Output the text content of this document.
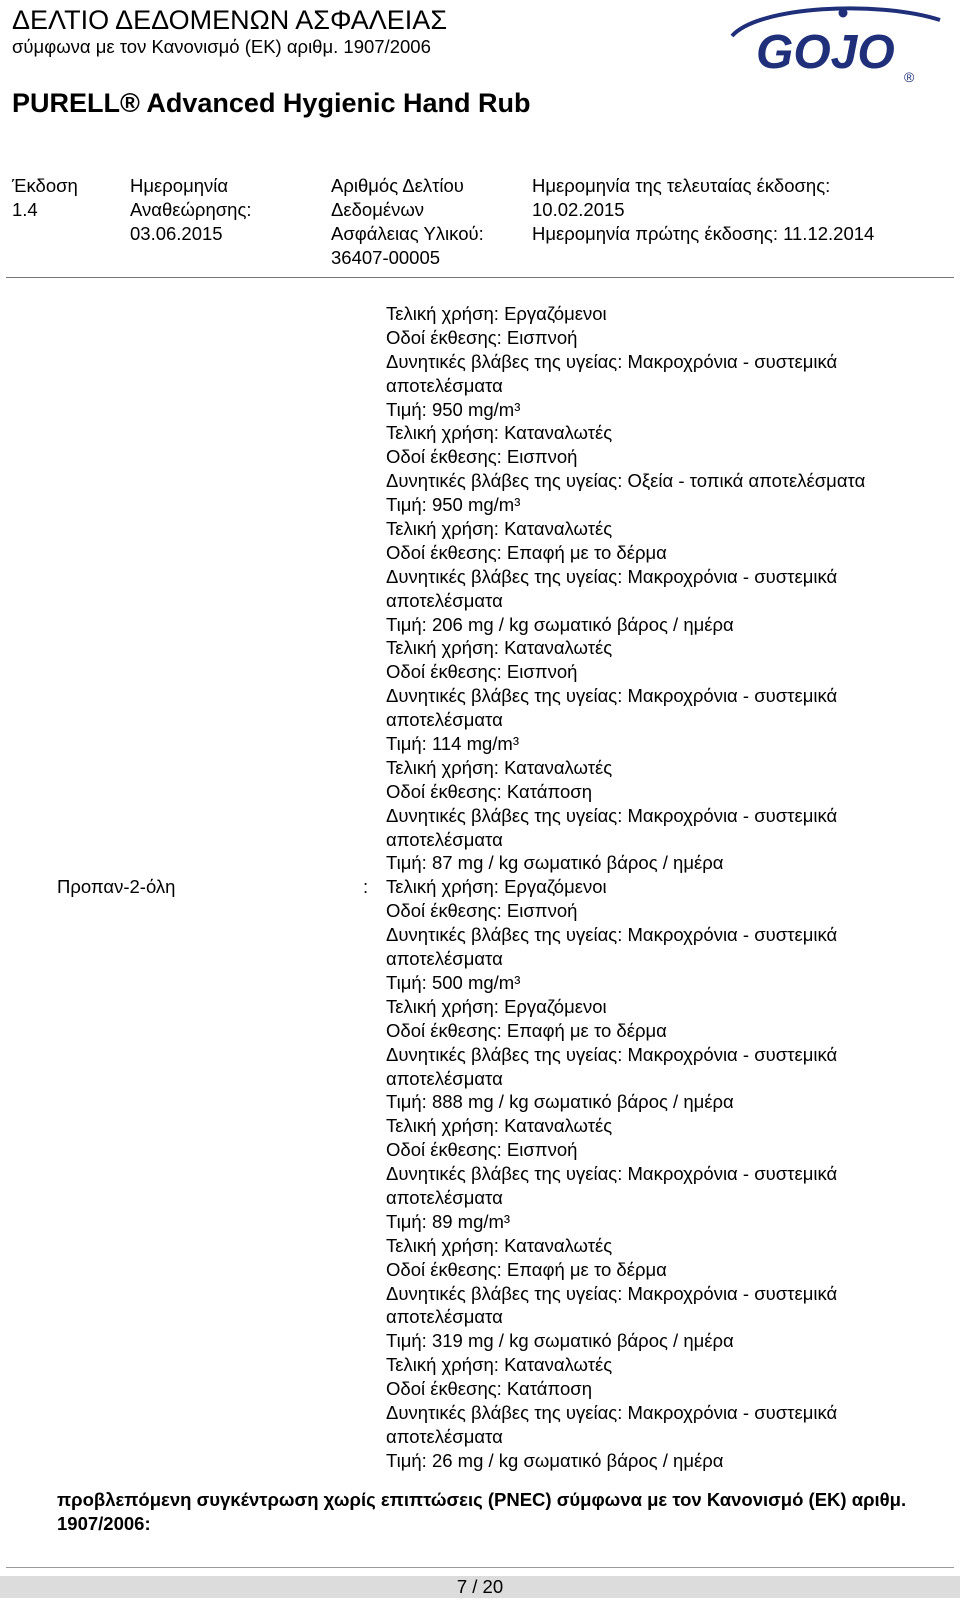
ΔΕΛΤΙΟ ΔΕΔΟΜΕΝΩΝ ΑΣΦΑΛΕΙΑΣ
σύμφωνα με τον Κανονισμό (ΕΚ) αριθμ. 1907/2006
PURELL® Advanced Hygienic Hand Rub
GOJO ®
Έκδοση
1.4
Ημερομηνία
Αναθεώρησης:
03.06.2015
Αριθμός Δελτίου
Δεδομένων
Ασφάλειας Υλικού:
36407-00005
Ημερομηνία της τελευταίας έκδοσης:
10.02.2015
Ημερομηνία πρώτης έκδοσης: 11.12.2014
Προπαν-2-όλη	:
Τελική χρήση: Εργαζόμενοι
Οδοί έκθεσης: Εισπνοή
Δυνητικές βλάβες της υγείας: Μακροχρόνια - συστεμικά
αποτελέσματα
Τιμή: 950 mg/m³
Τελική χρήση: Καταναλωτές
Οδοί έκθεσης: Εισπνοή
Δυνητικές βλάβες της υγείας: Οξεία - τοπικά αποτελέσματα
Τιμή: 950 mg/m³
Τελική χρήση: Καταναλωτές
Οδοί έκθεσης: Επαφή με το δέρμα
Δυνητικές βλάβες της υγείας: Μακροχρόνια - συστεμικά
αποτελέσματα
Τιμή: 206 mg / kg σωματικό βάρος / ημέρα
Τελική χρήση: Καταναλωτές
Οδοί έκθεσης: Εισπνοή
Δυνητικές βλάβες της υγείας: Μακροχρόνια - συστεμικά
αποτελέσματα
Τιμή: 114 mg/m³
Τελική χρήση: Καταναλωτές
Οδοί έκθεσης: Κατάποση
Δυνητικές βλάβες της υγείας: Μακροχρόνια - συστεμικά
αποτελέσματα
Τιμή: 87 mg / kg σωματικό βάρος / ημέρα
Τελική χρήση: Εργαζόμενοι
Οδοί έκθεσης: Εισπνοή
Δυνητικές βλάβες της υγείας: Μακροχρόνια - συστεμικά
αποτελέσματα
Τιμή: 500 mg/m³
Τελική χρήση: Εργαζόμενοι
Οδοί έκθεσης: Επαφή με το δέρμα
Δυνητικές βλάβες της υγείας: Μακροχρόνια - συστεμικά
αποτελέσματα
Τιμή: 888 mg / kg σωματικό βάρος / ημέρα
Τελική χρήση: Καταναλωτές
Οδοί έκθεσης: Εισπνοή
Δυνητικές βλάβες της υγείας: Μακροχρόνια - συστεμικά
αποτελέσματα
Τιμή: 89 mg/m³
Τελική χρήση: Καταναλωτές
Οδοί έκθεσης: Επαφή με το δέρμα
Δυνητικές βλάβες της υγείας: Μακροχρόνια - συστεμικά
αποτελέσματα
Τιμή: 319 mg / kg σωματικό βάρος / ημέρα
Τελική χρήση: Καταναλωτές
Οδοί έκθεσης: Κατάποση
Δυνητικές βλάβες της υγείας: Μακροχρόνια - συστεμικά
αποτελέσματα
Τιμή: 26 mg / kg σωματικό βάρος / ημέρα
προβλεπόμενη συγκέντρωση χωρίς επιπτώσεις (PNEC) σύμφωνα με τον Κανονισμό (ΕΚ) αριθμ. 1907/2006:
7 / 20
